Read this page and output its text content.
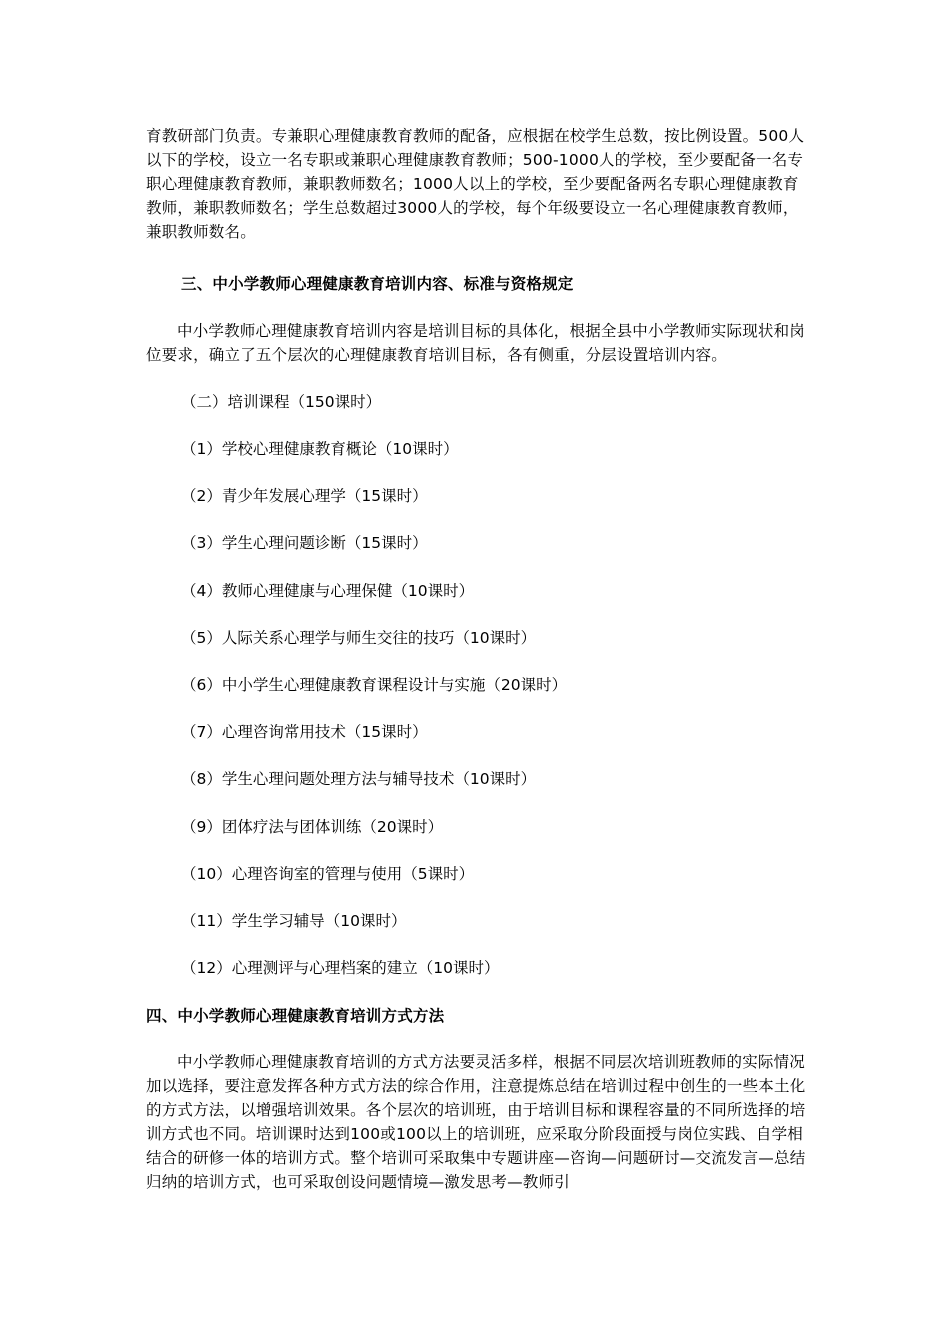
育教研部门负责。专兼职心理健康教育教师的配备，应根据在校学生总数，按比例设置。500人以下的学校，设立一名专职或兼职心理健康教育教师；500-1000人的学校，至少要配备一名专职心理健康教育教师，兼职教师数名；1000人以上的学校，至少要配备两名专职心理健康教育教师，兼职教师数名；学生总数超过3000人的学校，每个年级要设立一名心理健康教育教师，兼职教师数名。

三、中小学教师心理健康教育培训内容、标准与资格规定

中小学教师心理健康教育培训内容是培训目标的具体化，根据全县中小学教师实际现状和岗位要求，确立了五个层次的心理健康教育培训目标，各有侧重，分层设置培训内容。

（二）培训课程（150课时）

（1）学校心理健康教育概论（10课时）

（2）青少年发展心理学（15课时）

（3）学生心理问题诊断（15课时）

（4）教师心理健康与心理保健（10课时）

（5）人际关系心理学与师生交往的技巧（10课时）

（6）中小学生心理健康教育课程设计与实施（20课时）

（7）心理咨询常用技术（15课时）

（8）学生心理问题处理方法与辅导技术（10课时）

（9）团体疗法与团体训练（20课时）

（10）心理咨询室的管理与使用（5课时）

（11）学生学习辅导（10课时）

（12）心理测评与心理档案的建立（10课时）

四、中小学教师心理健康教育培训方式方法

中小学教师心理健康教育培训的方式方法要灵活多样，根据不同层次培训班教师的实际情况加以选择，要注意发挥各种方式方法的综合作用，注意提炼总结在培训过程中创生的一些本土化的方式方法，以增强培训效果。各个层次的培训班，由于培训目标和课程容量的不同所选择的培训方式也不同。培训课时达到100或100以上的培训班，应采取分阶段面授与岗位实践、自学相结合的研修一体的培训方式。整个培训可采取集中专题讲座—咨询—问题研讨—交流发言—总结归纳的培训方式，也可采取创设问题情境—激发思考—教师引
